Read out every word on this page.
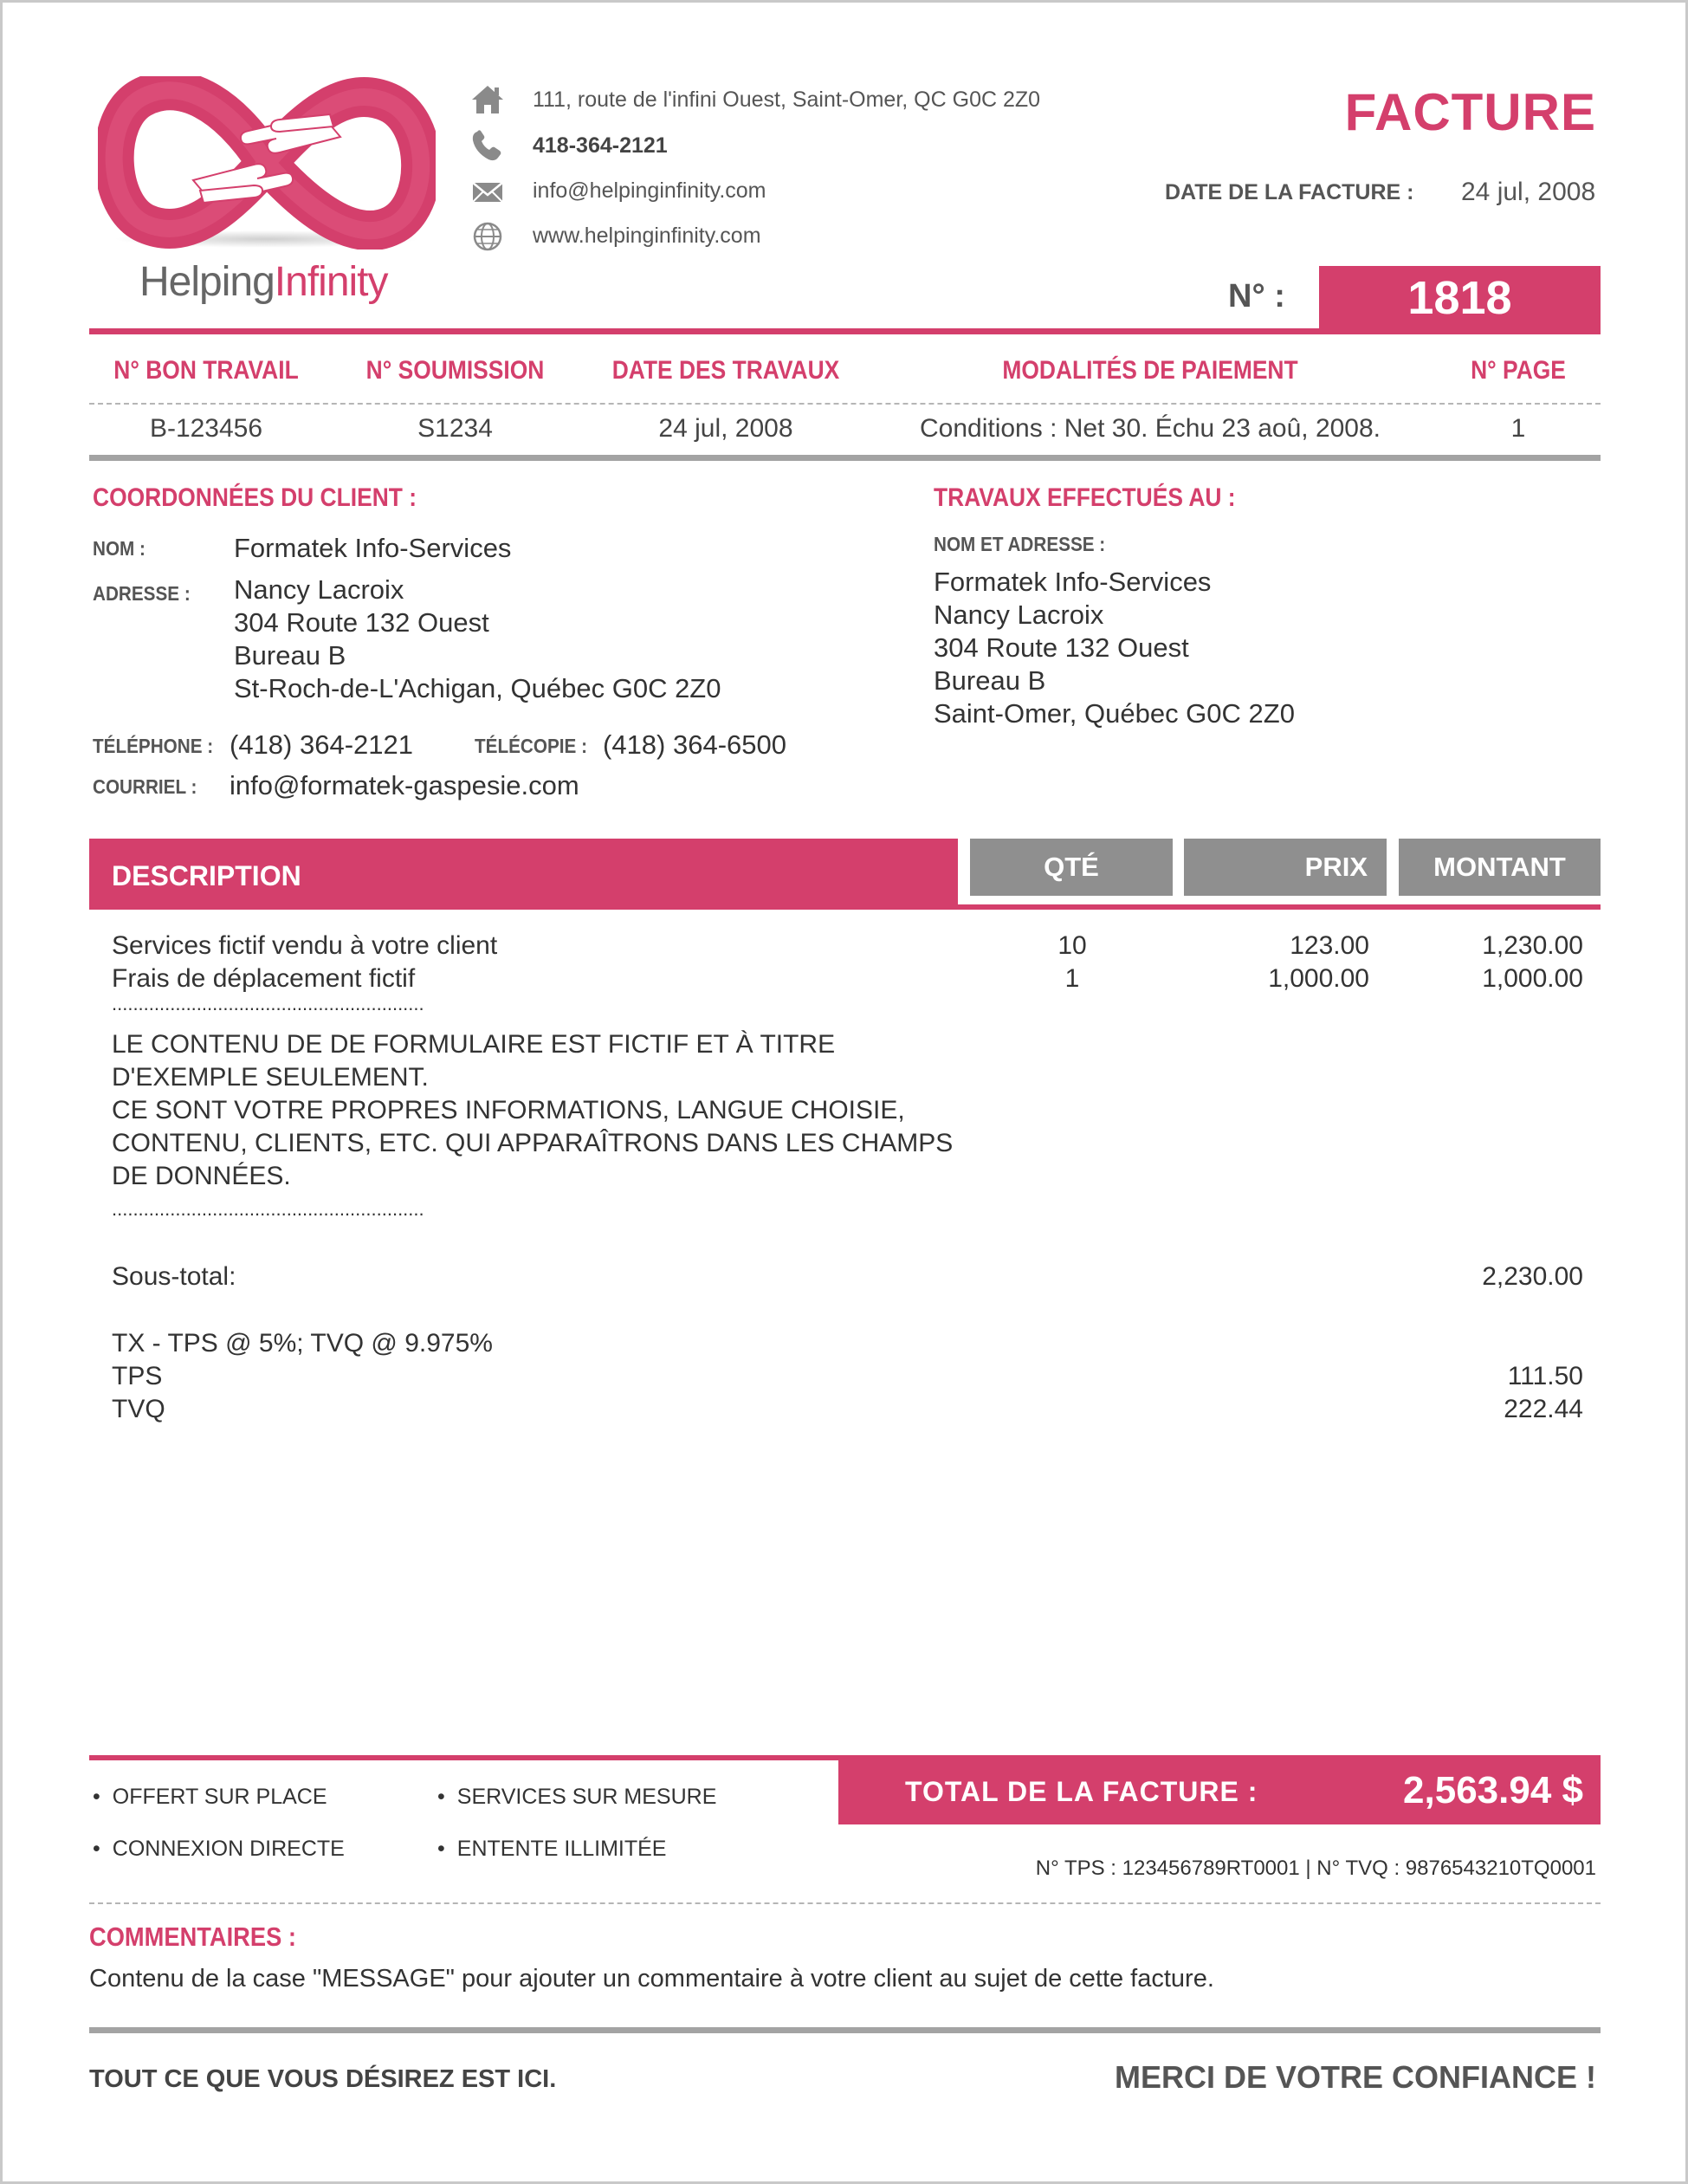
HelpingInfinity
111, route de l'infini Ouest, Saint-Omer, QC G0C 2Z0
418-364-2121
info@helpinginfinity.com
www.helpinginfinity.com
FACTURE
DATE DE LA FACTURE : 24 jul, 2008
N° :	1818
N° BON TRAVAIL	N° SOUMISSION	DATE DES TRAVAUX	MODALITÉS DE PAIEMENT	N° PAGE
B-123456	S1234	24 jul, 2008	Conditions : Net 30. Échu 23 aoû, 2008.	1
COORDONNÉES DU CLIENT :
NOM :	Formatek Info-Services
ADRESSE : Nancy Lacroix
304 Route 132 Ouest
Bureau B
St-Roch-de-L'Achigan, Québec G0C 2Z0
TÉLÉPHONE : (418) 364-2121	TÉLÉCOPIE : (418) 364-6500
COURRIEL : info@formatek-gaspesie.com
TRAVAUX EFFECTUÉS AU :
NOM ET ADRESSE :
Formatek Info-Services
Nancy Lacroix
304 Route 132 Ouest
Bureau B
Saint-Omer, Québec G0C 2Z0
DESCRIPTION	QTÉ	PRIX	MONTANT
Services fictif vendu à votre client	10	123.00	1,230.00
Frais de déplacement fictif	1	1,000.00	1,000.00
...........................................................
LE CONTENU DE DE FORMULAIRE EST FICTIF ET À TITRE
D'EXEMPLE SEULEMENT.
CE SONT VOTRE PROPRES INFORMATIONS, LANGUE CHOISIE,
CONTENU, CLIENTS, ETC. QUI APPARAÎTRONS DANS LES CHAMPS
DE DONNÉES.
...........................................................
Sous-total:	2,230.00
TX - TPS @ 5%; TVQ @ 9.975%
TPS	111.50
TVQ	222.44
• OFFERT SUR PLACE	• SERVICES SUR MESURE
• CONNEXION DIRECTE	• ENTENTE ILLIMITÉE
TOTAL DE LA FACTURE :	2,563.94 $
N° TPS : 123456789RT0001 | N° TVQ : 9876543210TQ0001
COMMENTAIRES :
Contenu de la case "MESSAGE" pour ajouter un commentaire à votre client au sujet de cette facture.
TOUT CE QUE VOUS DÉSIREZ EST ICI.	MERCI DE VOTRE CONFIANCE !
